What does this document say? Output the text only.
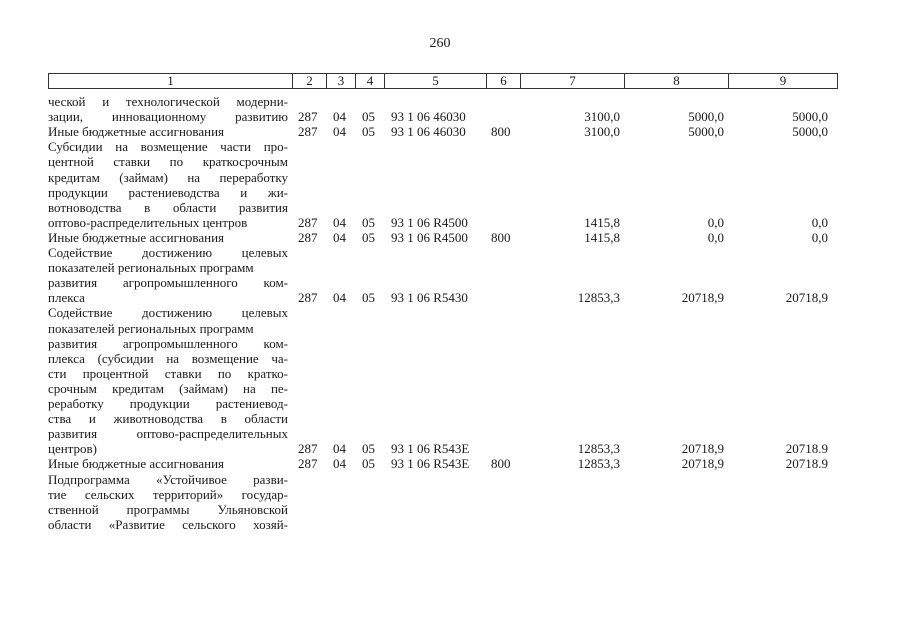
260
1	2	3	4	5	6	7	8	9
ческой и технологической модерни-
зации, инновационному развитию 287 04 05 93 1 06 46030	3100,0	5000,0	5000,0
Иные бюджетные ассигнования	287 04 05 93 1 06 46030 800	3100,0	5000,0	5000,0
Субсидии на возмещение части про-
центной ставки по краткосрочным
кредитам (займам) на переработку
продукции растениеводства и жи-
вотноводства в области развития
оптово-распределительных центров	287 04 05 93 1 06 R4500	1415,8	0,0	0,0
Иные бюджетные ассигнования	287 04 05 93 1 06 R4500 800	1415,8	0,0	0,0
Содействие достижению целевых
показателей региональных программ
развития агропромышленного ком-
плекса	287 04 05 93 1 06 R5430	12853,3	20718,9	20718,9
Содействие достижению целевых
показателей региональных программ
развития агропромышленного ком-
плекса (субсидии на возмещение ча-
сти процентной ставки по кратко-
срочным кредитам (займам) на пе-
реработку продукции растениевод-
ства и животноводства в области
развития оптово-распределительных
центров)	287 04 05 93 1 06 R543E	12853,3	20718,9	20718.9
Иные бюджетные ассигнования	287 04 05 93 1 06 R543E 800	12853,3	20718,9	20718.9
Подпрограмма «Устойчивое разви-
тие сельских территорий» государ-
ственной программы Ульяновской
области «Развитие сельского хозяй-
